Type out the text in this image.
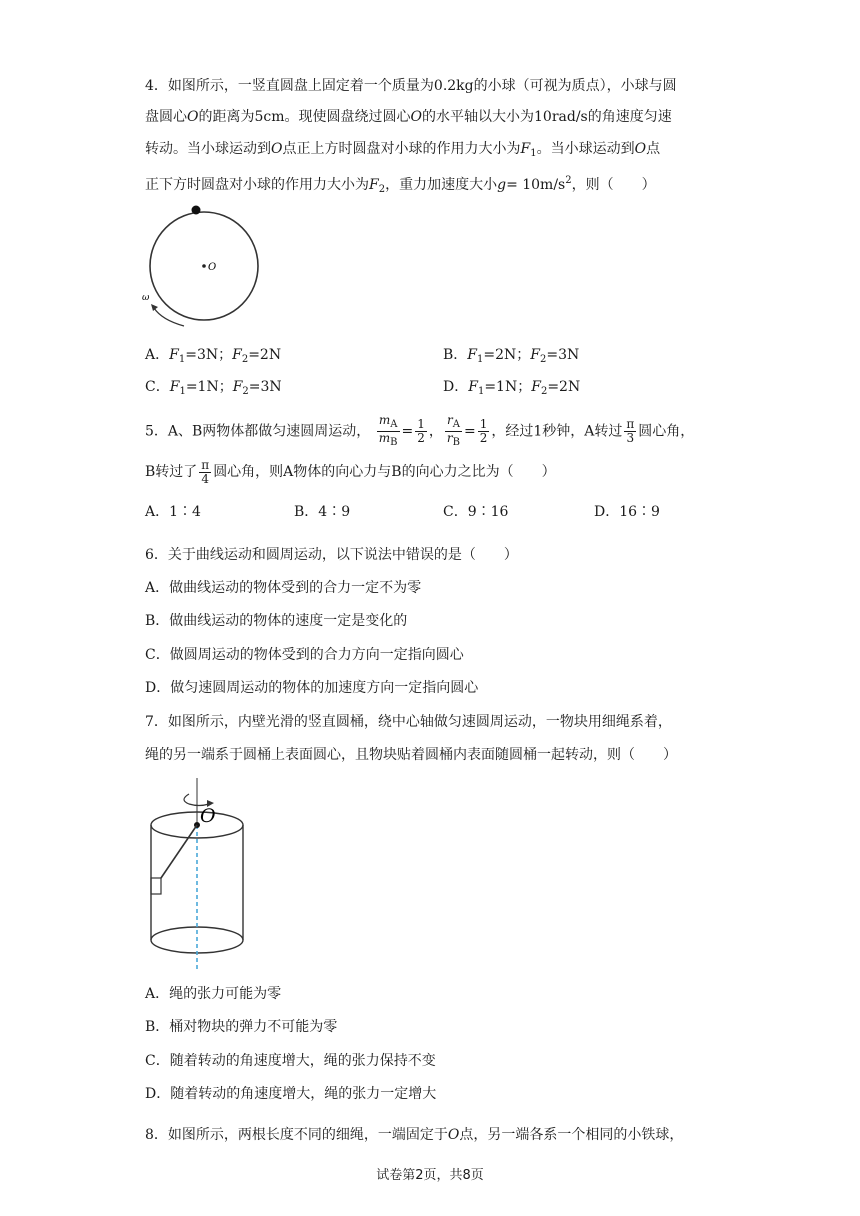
4．如图所示，一竖直圆盘上固定着一个质量为0.2kg的小球（可视为质点），小球与圆
盘圆心O的距离为5cm。现使圆盘绕过圆心O的水平轴以大小为10rad/s的角速度匀速
转动。当小球运动到O点正上方时圆盘对小球的作用力大小为$F_1$。当小球运动到O点
正下方时圆盘对小球的作用力大小为$F_2$，重力加速度大小$g= 10m/s^2$，则（　　）
O
ω
A．$F_1=3N$；$F_2=2N$	B．$F_1=2N$；$F_2=3N$
C．$F_1=1N$；$F_2=3N$	D．$F_1=1N$；$F_2=2N$
5．A、B两物体都做匀速圆周运动， $\frac{m_A}{m_B} = \frac{1}{2}$ ， $\frac{r_A}{r_B} = \frac{1}{2}$ ，经过1秒钟，A转过 $\frac{\pi}{3}$ 圆心角，
B转过了 $\frac{\pi}{4}$ 圆心角，则A物体的向心力与B的向心力之比为（　　）
A．1∶4	B．4∶9	C．9∶16	D．16∶9
6．关于曲线运动和圆周运动，以下说法中错误的是（　　）
A．做曲线运动的物体受到的合力一定不为零
B．做曲线运动的物体的速度一定是变化的
C．做圆周运动的物体受到的合力方向一定指向圆心
D．做匀速圆周运动的物体的加速度方向一定指向圆心
7．如图所示，内壁光滑的竖直圆桶，绕中心轴做匀速圆周运动，一物块用细绳系着，
绳的另一端系于圆桶上表面圆心，且物块贴着圆桶内表面随圆桶一起转动，则（　　）
O
A．绳的张力可能为零
B．桶对物块的弹力不可能为零
C．随着转动的角速度增大，绳的张力保持不变
D．随着转动的角速度增大，绳的张力一定增大
8．如图所示，两根长度不同的细绳，一端固定于O点，另一端各系一个相同的小铁球，
试卷第2页，共8页
